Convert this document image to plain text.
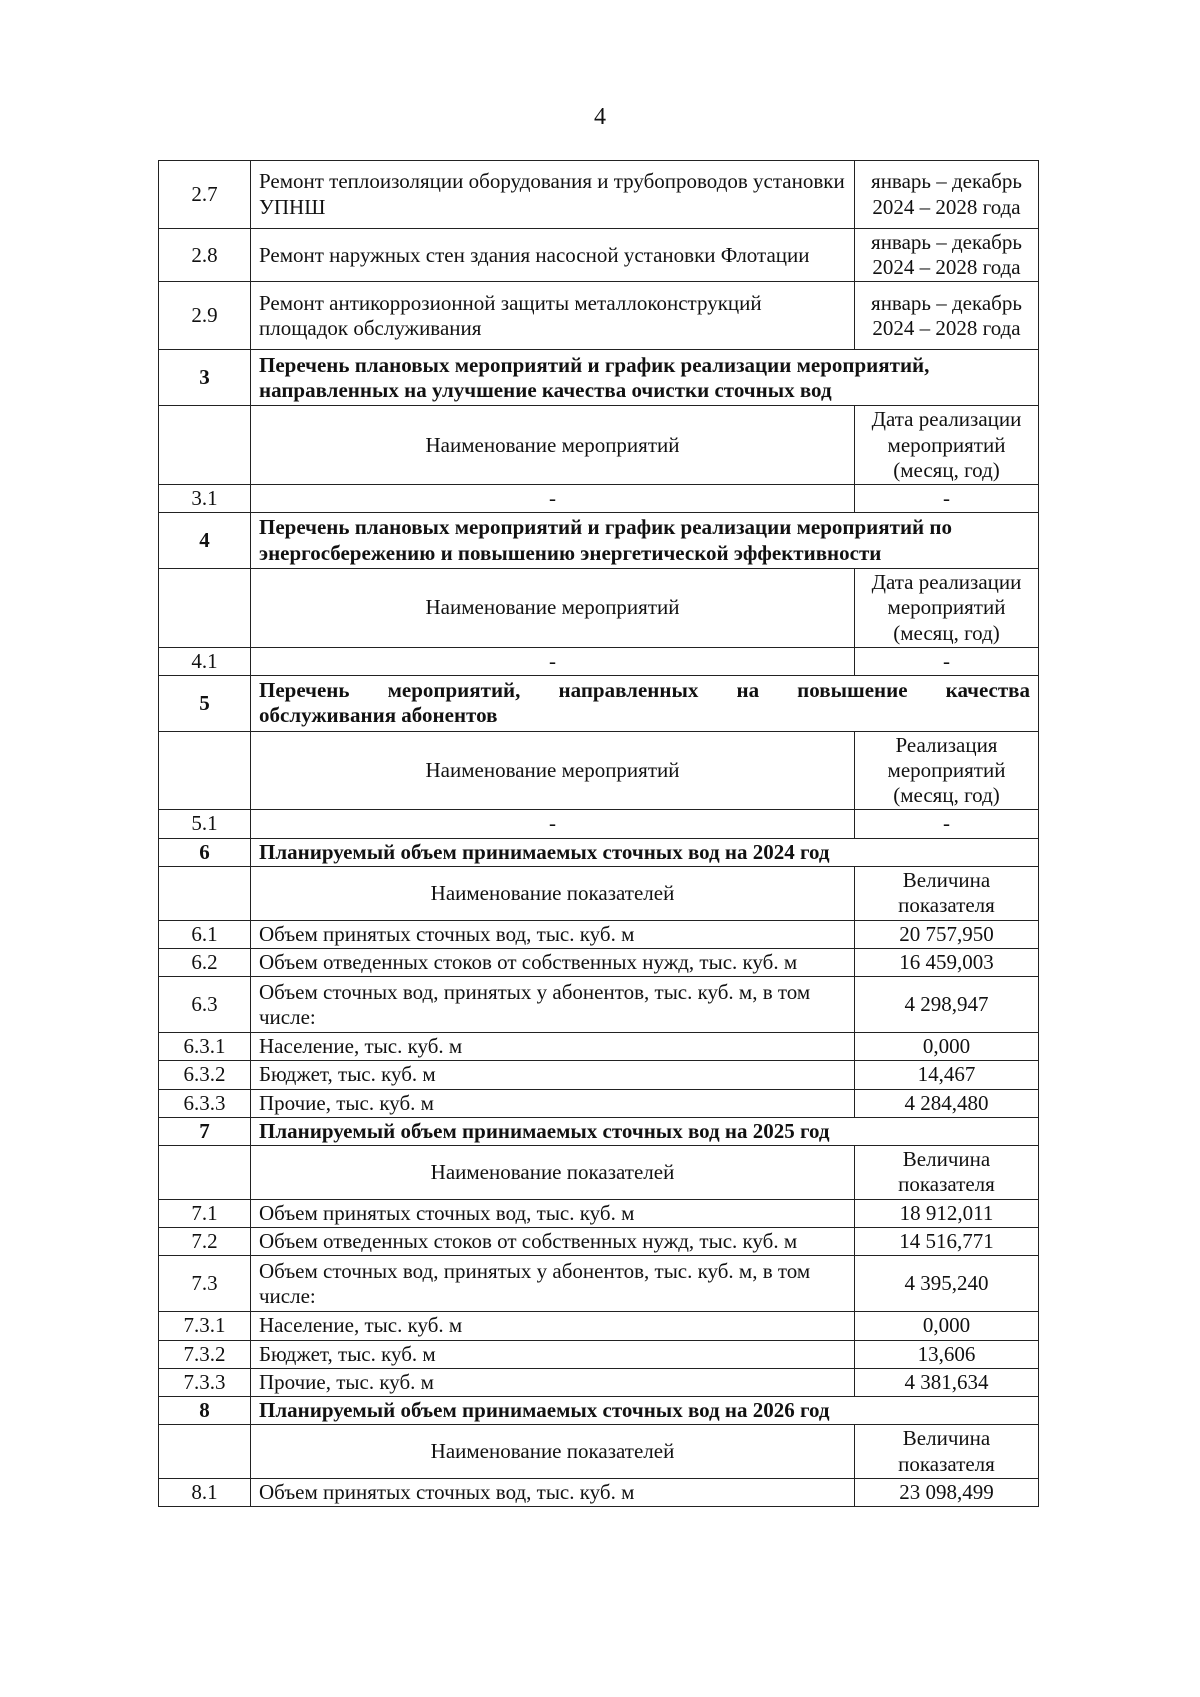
4
2.7	Ремонт теплоизоляции оборудования и трубопроводов установки УПНШ	январь – декабрь 2024 – 2028 года
2.8	Ремонт наружных стен здания насосной установки Флотации	январь – декабрь 2024 – 2028 года
2.9	Ремонт антикоррозионной защиты металлоконструкций площадок обслуживания	январь – декабрь 2024 – 2028 года
3	Перечень плановых мероприятий и график реализации мероприятий, направленных на улучшение качества очистки сточных вод	
	Наименование мероприятий	Дата реализации мероприятий (месяц, год)
3.1	-	-
4	Перечень плановых мероприятий и график реализации мероприятий по энергосбережению и повышению энергетической эффективности	
	Наименование мероприятий	Дата реализации мероприятий (месяц, год)
4.1	-	-
5	Перечень мероприятий, направленных на повышение качества
обслуживания абонентов	
	Наименование мероприятий	Реализация мероприятий (месяц, год)
5.1	-	-
6	Планируемый объем принимаемых сточных вод на 2024 год	
	Наименование показателей	Величина показателя
6.1	Объем принятых сточных вод, тыс. куб. м	20 757,950
6.2	Объем отведенных стоков от собственных нужд, тыс. куб. м	16 459,003
6.3	Объем сточных вод, принятых у абонентов, тыс. куб. м, в том числе:	4 298,947
6.3.1	Население, тыс. куб. м	0,000
6.3.2	Бюджет, тыс. куб. м	14,467
6.3.3	Прочие, тыс. куб. м	4 284,480
7	Планируемый объем принимаемых сточных вод на 2025 год	
	Наименование показателей	Величина показателя
7.1	Объем принятых сточных вод, тыс. куб. м	18 912,011
7.2	Объем отведенных стоков от собственных нужд, тыс. куб. м	14 516,771
7.3	Объем сточных вод, принятых у абонентов, тыс. куб. м, в том числе:	4 395,240
7.3.1	Население, тыс. куб. м	0,000
7.3.2	Бюджет, тыс. куб. м	13,606
7.3.3	Прочие, тыс. куб. м	4 381,634
8	Планируемый объем принимаемых сточных вод на 2026 год	
	Наименование показателей	Величина показателя
8.1	Объем принятых сточных вод, тыс. куб. м	23 098,499
